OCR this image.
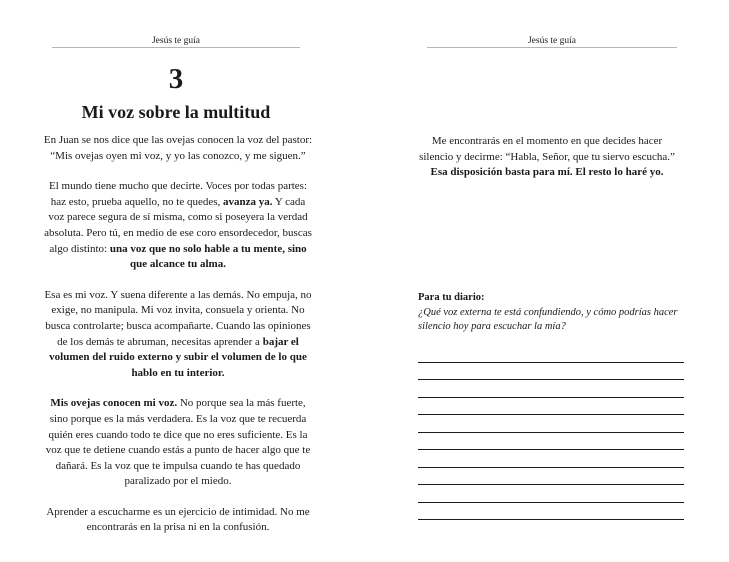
Jesús te guía
3
Mi voz sobre la multitud

En Juan se nos dice que las ovejas conocen la voz del pastor: “Mis ovejas oyen mi voz, y yo las conozco, y me siguen.”

El mundo tiene mucho que decirte. Voces por todas partes: haz esto, prueba aquello, no te quedes, avanza ya. Y cada voz parece segura de sí misma, como si poseyera la verdad absoluta. Pero tú, en medio de ese coro ensordecedor, buscas algo distinto: una voz que no solo hable a tu mente, sino que alcance tu alma.

Esa es mi voz. Y suena diferente a las demás. No empuja, no exige, no manipula. Mi voz invita, consuela y orienta. No busca controlarte; busca acompañarte. Cuando las opiniones de los demás te abruman, necesitas aprender a bajar el volumen del ruido externo y subir el volumen de lo que hablo en tu interior.

Mis ovejas conocen mi voz. No porque sea la más fuerte, sino porque es la más verdadera. Es la voz que te recuerda quién eres cuando todo te dice que no eres suficiente. Es la voz que te detiene cuando estás a punto de hacer algo que te dañará. Es la voz que te impulsa cuando te has quedado paralizado por el miedo.

Aprender a escucharme es un ejercicio de intimidad. No me encontrarás en la prisa ni en la confusión.

Jesús te guía

Me encontrarás en el momento en que decides hacer silencio y decirme: “Habla, Señor, que tu siervo escucha.” Esa disposición basta para mí. El resto lo haré yo.

Para tu diario:
¿Qué voz externa te está confundiendo, y cómo podrías hacer silencio hoy para escuchar la mía?
